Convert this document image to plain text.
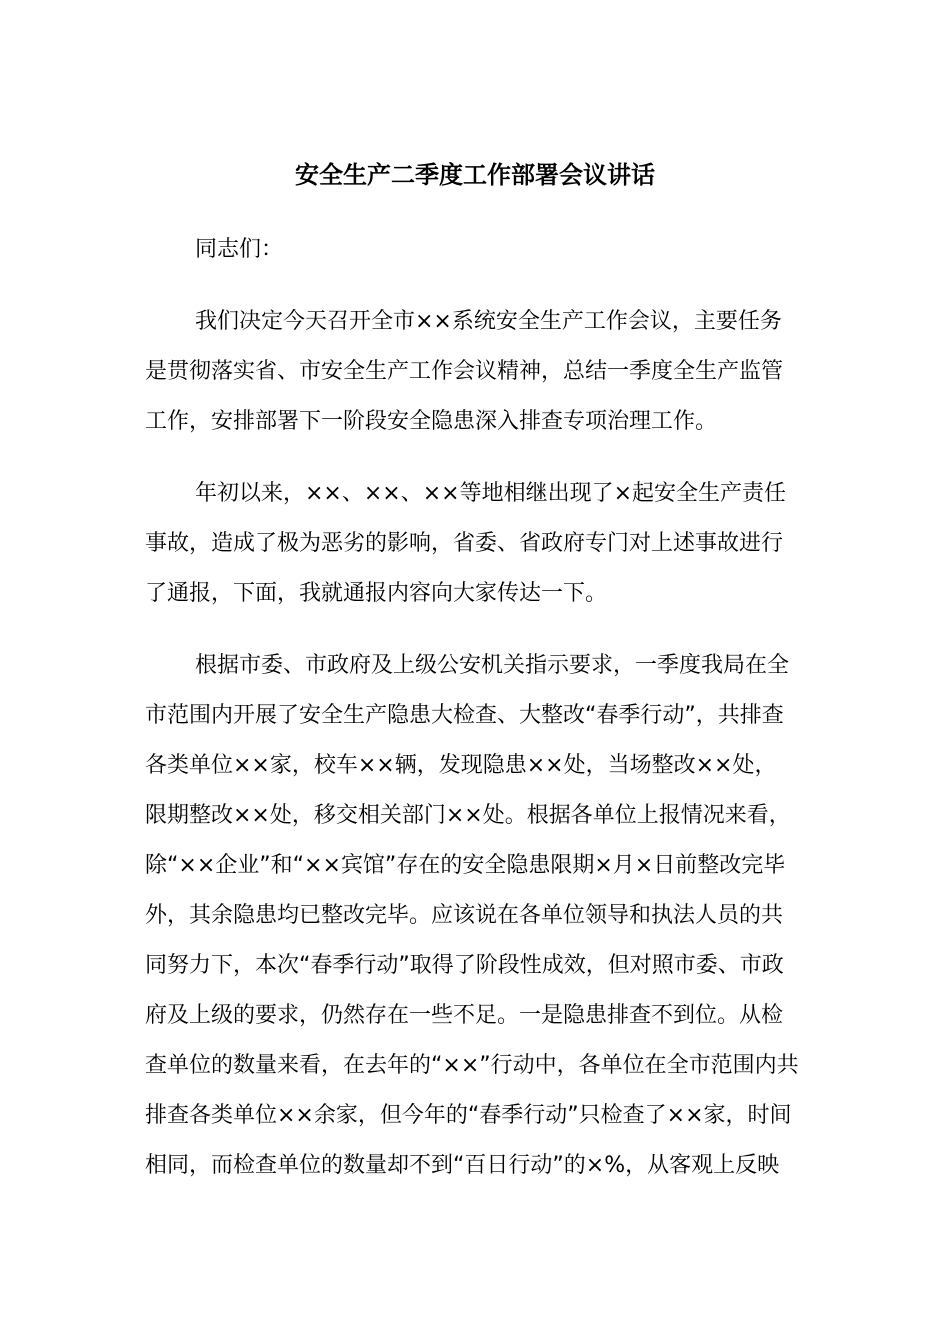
安全生产二季度工作部署会议讲话
同志们：
我们决定今天召开全市××系统安全生产工作会议，主要任务
是贯彻落实省、市安全生产工作会议精神，总结一季度全生产监管
工作，安排部署下一阶段安全隐患深入排查专项治理工作。
年初以来，××、××、××等地相继出现了×起安全生产责任
事故，造成了极为恶劣的影响，省委、省政府专门对上述事故进行
了通报，下面，我就通报内容向大家传达一下。
根据市委、市政府及上级公安机关指示要求，一季度我局在全
市范围内开展了安全生产隐患大检查、大整改“春季行动”，共排查
各类单位××家，校车××辆，发现隐患××处，当场整改××处，
限期整改××处，移交相关部门××处。根据各单位上报情况来看，
除“××企业”和“××宾馆”存在的安全隐患限期×月×日前整改完毕
外，其余隐患均已整改完毕。应该说在各单位领导和执法人员的共
同努力下，本次“春季行动”取得了阶段性成效，但对照市委、市政
府及上级的要求，仍然存在一些不足。一是隐患排查不到位。从检
查单位的数量来看，在去年的“××”行动中，各单位在全市范围内共
排查各类单位××余家，但今年的“春季行动”只检查了××家，时间
相同，而检查单位的数量却不到“百日行动”的×%，从客观上反映
